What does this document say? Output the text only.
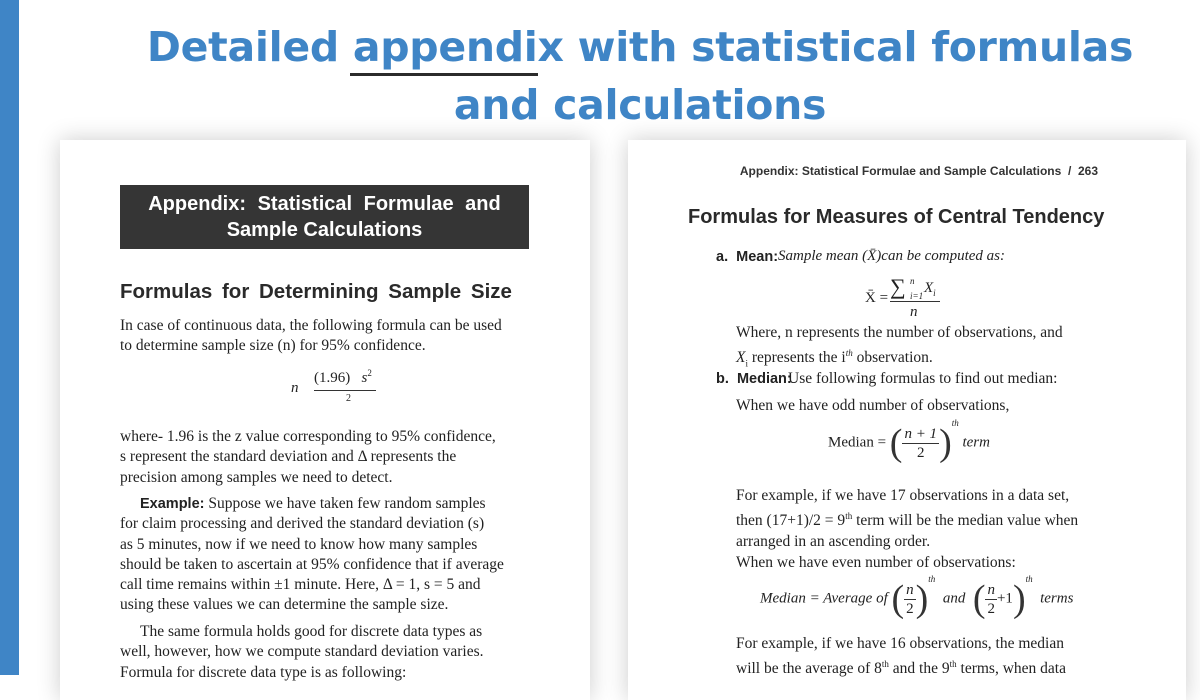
Detailed appendix with statistical formulas
and calculations
Appendix: Statistical Formulae and
Sample Calculations
Formulas for Determining Sample Size

In case of continuous data, the following formula can be used

to determine sample size (n) for 95% confidence.

n
(1.96) $s^2$
2

where- 1.96 is the z value corresponding to 95% confidence,

s represent the standard deviation and Δ represents the

precision among samples we need to detect.

Example: Suppose we have taken few random samples

for claim processing and derived the standard deviation (s)

as 5 minutes, now if we need to know how many samples

should be taken to ascertain at 95% confidence that if average

call time remains within ±1 minute. Here, Δ = 1, s = 5 and

using these values we can determine the sample size.

The same formula holds good for discrete data types as

well, however, how we compute standard deviation varies.

Formula for discrete data type is as following:

Appendix: Statistical Formulae and Sample Calculations / 263
Formulas for Measures of Central Tendency
a. Mean: Sample mean (X̄)can be computed as:
X̄ = ∑ n
i=1 $X_i$
n
Where, n represents the number of observations, and
$X_i$ represents the $i^{th}$ observation.
b. Median:
Use following formulas to find out median:
When we have odd number of observations,
Median = ( $\frac{n + 1}{2} )^{th}$ term
For example, if we have 17 observations in a data set,
then (17+1)/2 = 9th term will be the median value when
arranged in an ascending order.
When we have even number of observations:
Median = Average of ( $\frac{n}{2} )^{th}$  and ( $\frac{n}{2} +1)^{th}$  terms
For example, if we have 16 observations, the median
will be the average of 8th and the 9th terms, when data
